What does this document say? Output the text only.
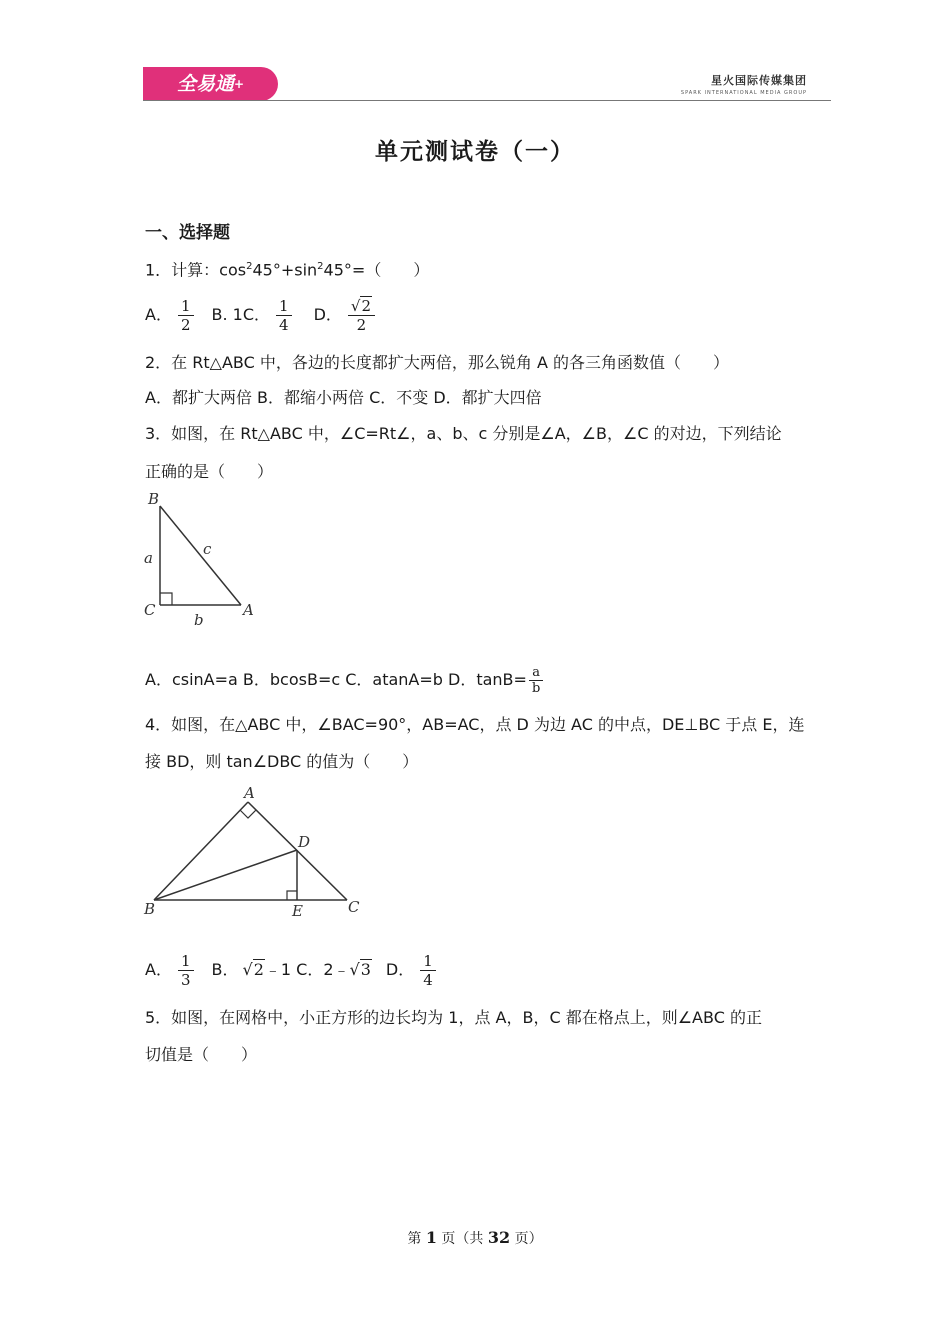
全易通+	星火国际传媒集团
SPARK INTERNATIONAL MEDIA GROUP
单元测试卷（一）
一、选择题
1．计算：$\cos^245^\circ+\sin^245^\circ=$（　　）
A． $\frac{1}{2} B$. 1C． $\frac{1}{4}$ D． $\frac{√2}{2}$
2．在 Rt△ABC 中，各边的长度都扩大两倍，那么锐角 A 的各三角函数值（　　）
A．都扩大两倍 B．都缩小两倍 C．不变 D．都扩大四倍
3．如图，在 Rt△ABC 中，∠C=Rt∠，a、b、c 分别是∠A，∠B，∠C 的对边，下列结论
正确的是（　　）
B
C	A
a
b
c
A．csinA=a B．bcosB=c C．atanA=b D．$\tan B= \frac{a}{b}$
4．如图，在△ABC 中，∠BAC=90°，AB=AC，点 D 为边 AC 的中点，DE⊥BC 于点 E，连
接 BD，则 tan∠DBC 的值为（　　）
A
B	C
D
E
A． $\frac{1}{3}$ B． √2 ﹣1 C．2﹣ √3 D． $\frac{1}{4}$
5．如图，在网格中，小正方形的边长均为 1，点 A，B，C 都在格点上，则∠ABC 的正
切值是（　　）
第 1 页（共 32 页）
